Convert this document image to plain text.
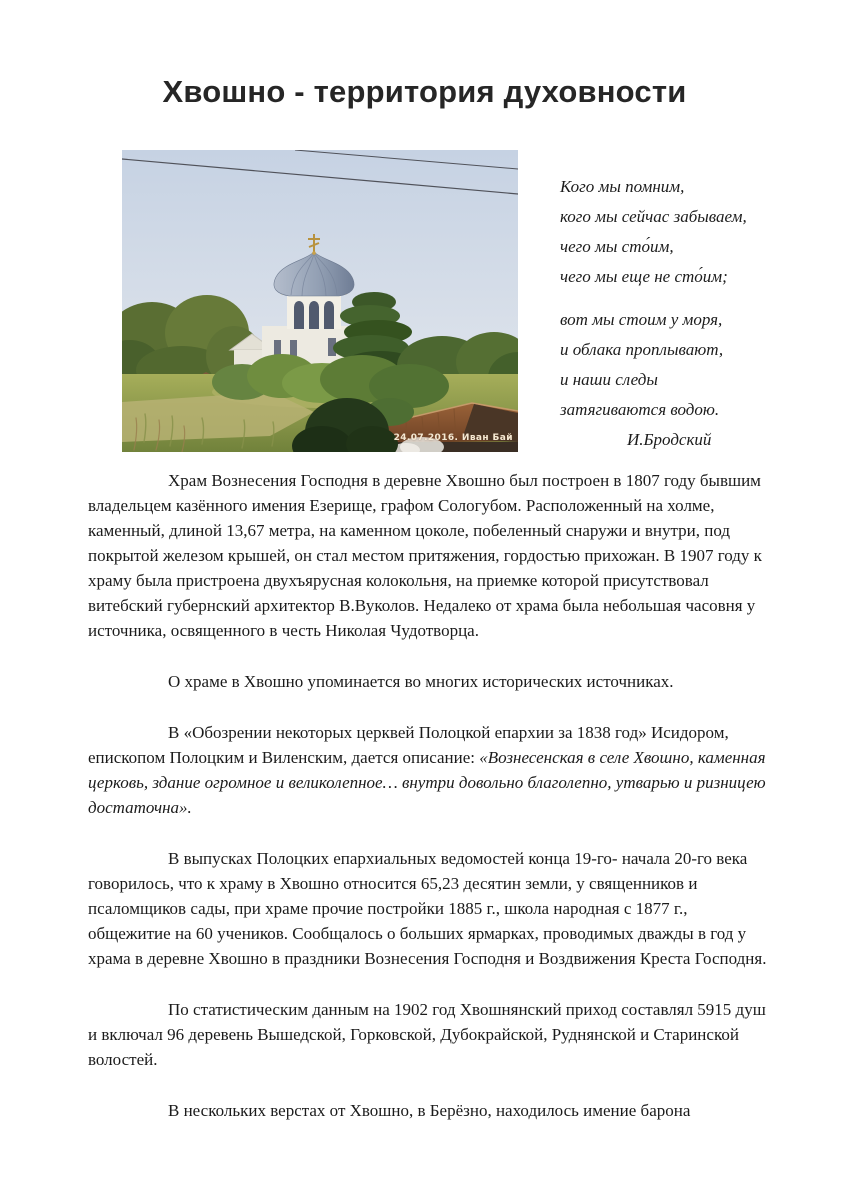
Хвошно - территория духовности
24.07.2016. Иван Бай
Кого мы помним,
кого мы сейчас забываем,
чего мы сто́им,
чего мы еще не сто́им;
вот мы стоим у моря,
и облака проплывают,
и наши следы
затягиваются водою.
И.Бродский

Храм Вознесения Господня в деревне Хвошно был построен в 1807 году бывшим владельцем казённого имения Езерище, графом Сологубом. Расположенный на холме, каменный, длиной 13,67 метра, на каменном цоколе, побеленный снаружи и внутри, под покрытой железом крышей, он стал местом притяжения, гордостью прихожан. В 1907 году к храму была пристроена двухъярусная колокольня, на приемке которой присутствовал витебский губернский архитектор В.Вуколов. Недалеко от храма была небольшая часовня у источника, освященного в честь Николая Чудотворца.

О храме в Хвошно упоминается во многих исторических источниках.

В «Обозрении некоторых церквей Полоцкой епархии за 1838 год» Исидором, епископом Полоцким и Виленским, дается описание: «Вознесенская в селе Хвошно, каменная церковь, здание огромное и великолепное… внутри довольно благолепно, утварью и ризницею достаточна».

В выпусках Полоцких епархиальных ведомостей конца 19-го- начала 20-го века говорилось, что к храму в Хвошно относится 65,23 десятин земли, у священников и псаломщиков сады, при храме прочие постройки 1885 г., школа народная с 1877 г., общежитие на 60 учеников. Сообщалось о больших ярмарках, проводимых дважды в год у храма в деревне Хвошно в праздники Вознесения Господня и Воздвижения Креста Господня.

По статистическим данным на 1902 год Хвошнянский приход составлял 5915 душ и включал 96 деревень Вышедской, Горковской, Дубокрайской, Руднянской и Старинской волостей.

В нескольких верстах от Хвошно, в Берёзно, находилось имение барона
